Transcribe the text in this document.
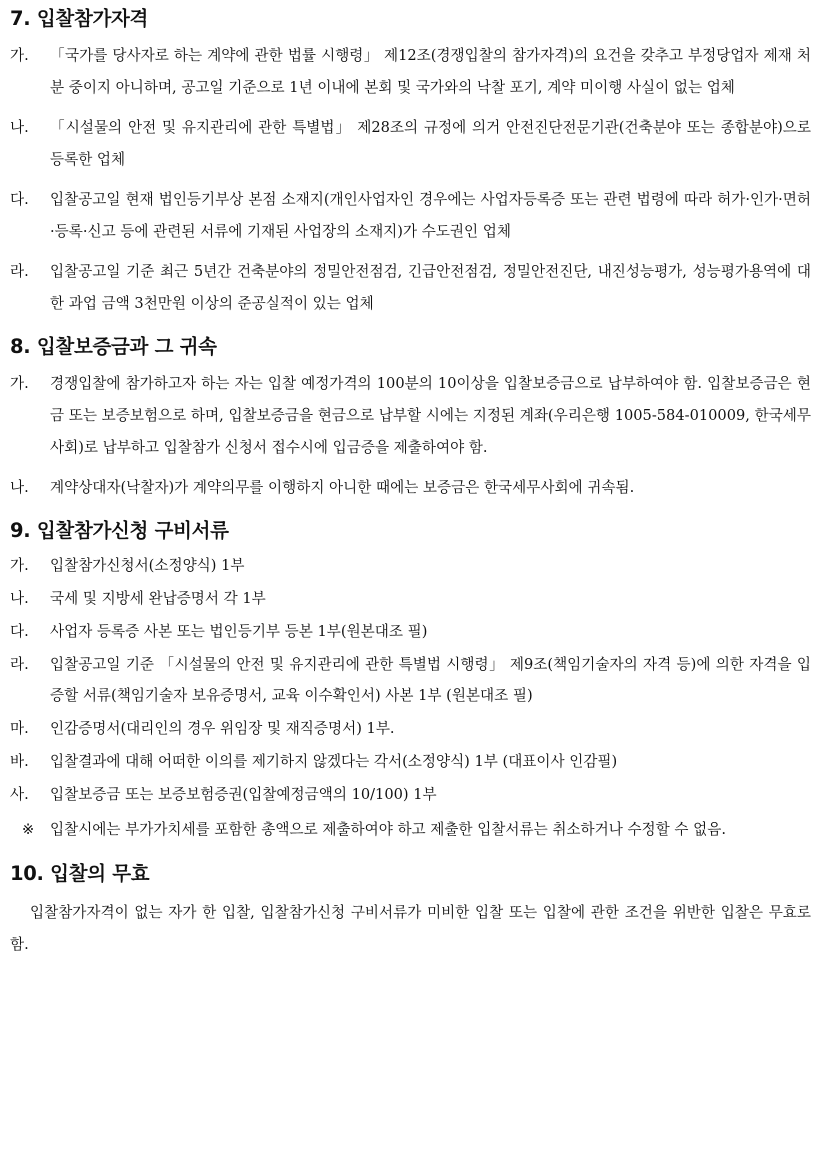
7. 입찰참가자격
가.	「국가를 당사자로 하는 계약에 관한 법률 시행령」 제12조(경쟁입찰의 참가자격)의 요건을 갖추고 부정당업자 제재 처분 중이지 아니하며, 공고일 기준으로 1년 이내에 본회 및 국가와의 낙찰 포기, 계약 미이행 사실이 없는 업체
나.	「시설물의 안전 및 유지관리에 관한 특별법」 제28조의 규정에 의거 안전진단전문기관(건축분야 또는 종합분야)으로 등록한 업체
다.	입찰공고일 현재 법인등기부상 본점 소재지(개인사업자인 경우에는 사업자등록증 또는 관련 법령에 따라 허가·인가·면허·등록·신고 등에 관련된 서류에 기재된 사업장의 소재지)가 수도권인 업체
라.	입찰공고일 기준 최근 5년간 건축분야의 정밀안전점검, 긴급안전점검, 정밀안전진단, 내진성능평가, 성능평가용역에 대한 과업 금액 3천만원 이상의 준공실적이 있는 업체
8. 입찰보증금과 그 귀속
가.	경쟁입찰에 참가하고자 하는 자는 입찰 예정가격의 100분의 10이상을 입찰보증금으로 납부하여야 함. 입찰보증금은 현금 또는 보증보험으로 하며, 입찰보증금을 현금으로 납부할 시에는 지정된 계좌(우리은행 1005-584-010009, 한국세무사회)로 납부하고 입찰참가 신청서 접수시에 입금증을 제출하여야 함.
나.	계약상대자(낙찰자)가 계약의무를 이행하지 아니한 때에는 보증금은 한국세무사회에 귀속됨.
9. 입찰참가신청 구비서류
가.	입찰참가신청서(소정양식) 1부
나.	국세 및 지방세 완납증명서 각 1부
다.	사업자 등록증 사본 또는 법인등기부 등본 1부(원본대조 필)
라.	입찰공고일 기준 「시설물의 안전 및 유지관리에 관한 특별법 시행령」 제9조(책임기술자의 자격 등)에 의한 자격을 입증할 서류(책임기술자 보유증명서, 교육 이수확인서) 사본 1부 (원본대조 필)
마.	인감증명서(대리인의 경우 위임장 및 재직증명서) 1부.
바.	입찰결과에 대해 어떠한 이의를 제기하지 않겠다는 각서(소정양식) 1부 (대표이사 인감필)
사.	입찰보증금 또는 보증보험증권(입찰예정금액의 10/100) 1부
※	입찰시에는 부가가치세를 포함한 총액으로 제출하여야 하고 제출한 입찰서류는 취소하거나 수정할 수 없음.
10. 입찰의 무효
입찰참가자격이 없는 자가 한 입찰, 입찰참가신청 구비서류가 미비한 입찰 또는 입찰에 관한 조건을 위반한 입찰은 무효로 함.
